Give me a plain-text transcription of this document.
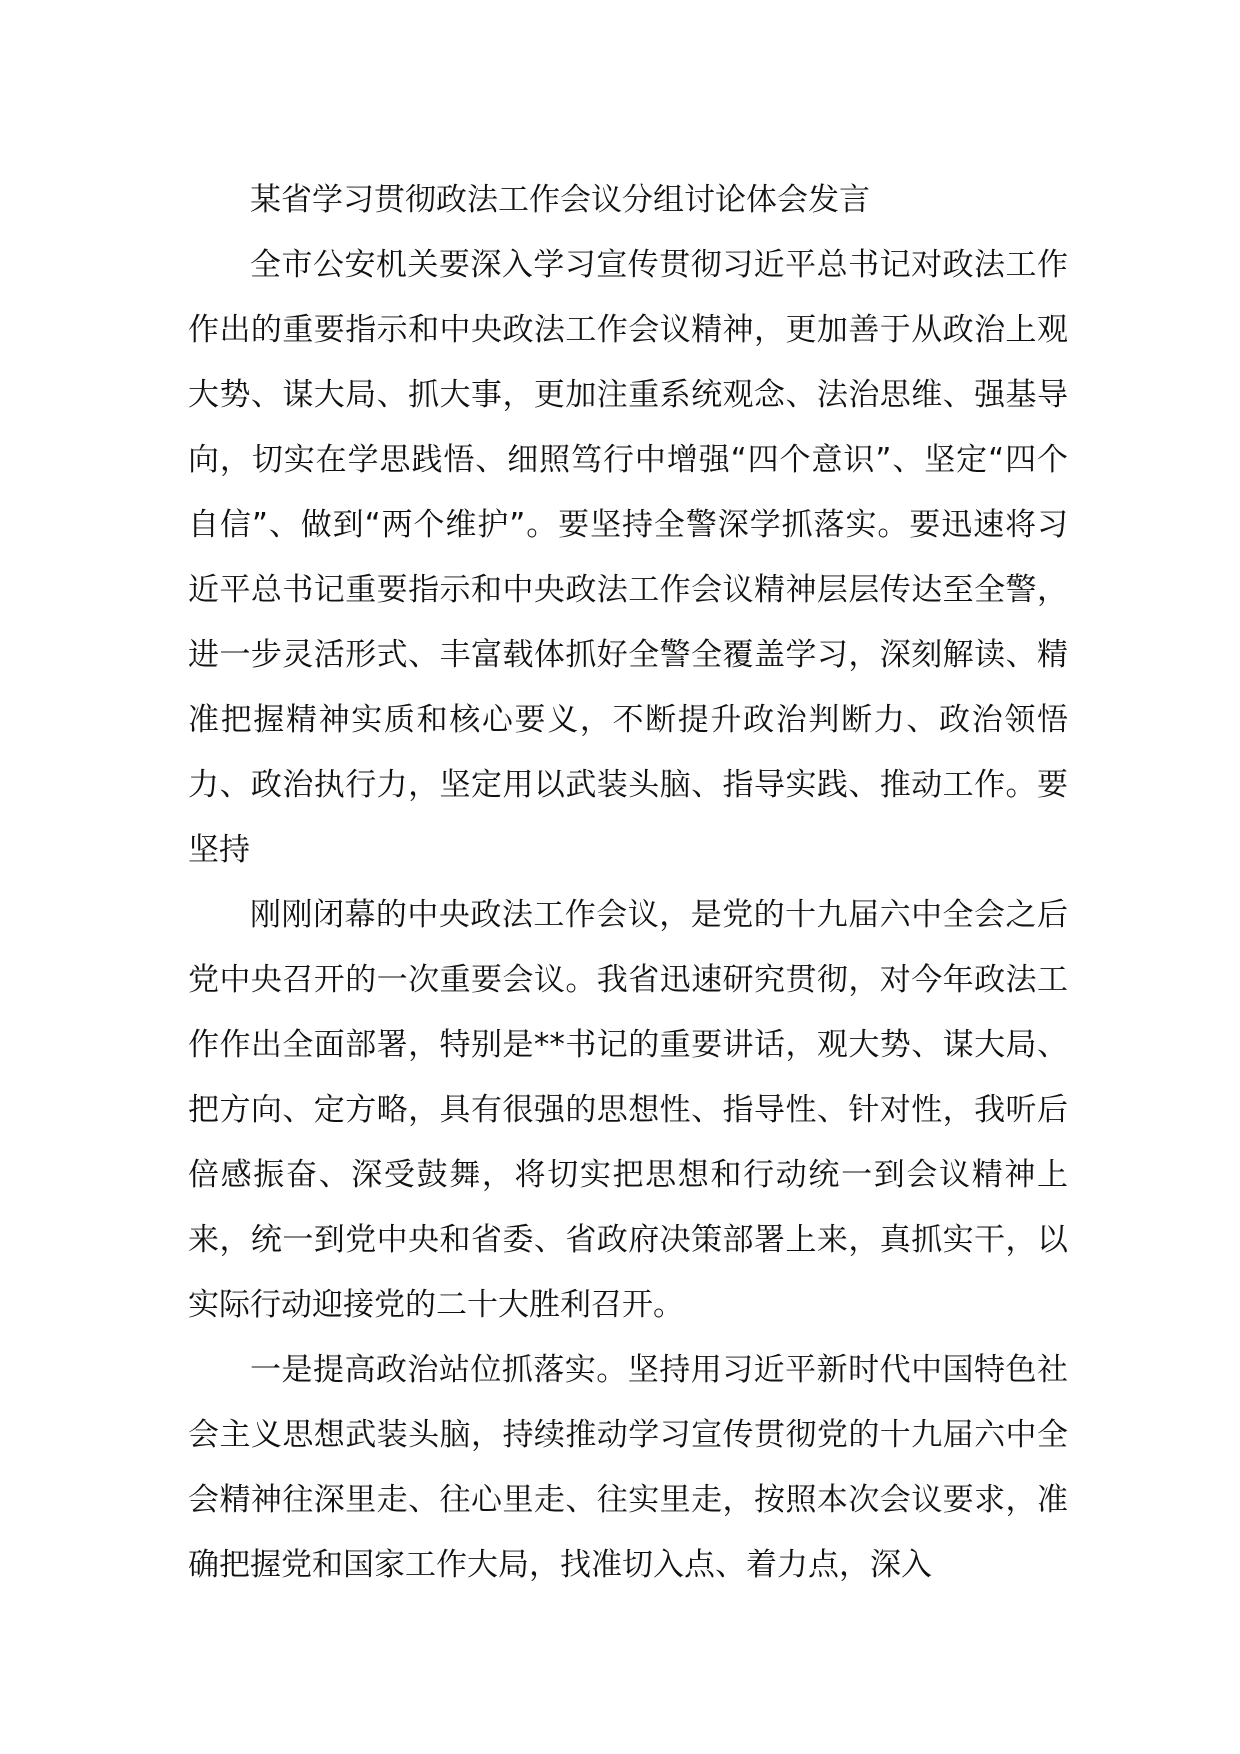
某省学习贯彻政法工作会议分组讨论体会发言

全市公安机关要深入学习宣传贯彻习近平总书记对政法工作作出的重要指示和中央政法工作会议精神，更加善于从政治上观大势、谋大局、抓大事，更加注重系统观念、法治思维、强基导向，切实在学思践悟、细照笃行中增强“四个意识”、坚定“四个自信”、做到“两个维护”。要坚持全警深学抓落实。要迅速将习近平总书记重要指示和中央政法工作会议精神层层传达至全警，进一步灵活形式、丰富载体抓好全警全覆盖学习，深刻解读、精准把握精神实质和核心要义，不断提升政治判断力、政治领悟力、政治执行力，坚定用以武装头脑、指导实践、推动工作。要坚持

刚刚闭幕的中央政法工作会议，是党的十九届六中全会之后党中央召开的一次重要会议。我省迅速研究贯彻，对今年政法工作作出全面部署，特别是**书记的重要讲话，观大势、谋大局、把方向、定方略，具有很强的思想性、指导性、针对性，我听后倍感振奋、深受鼓舞，将切实把思想和行动统一到会议精神上来，统一到党中央和省委、省政府决策部署上来，真抓实干，以实际行动迎接党的二十大胜利召开。

一是提高政治站位抓落实。坚持用习近平新时代中国特色社会主义思想武装头脑，持续推动学习宣传贯彻党的十九届六中全会精神往深里走、往心里走、往实里走，按照本次会议要求，准确把握党和国家工作大局，找准切入点、着力点，深入
